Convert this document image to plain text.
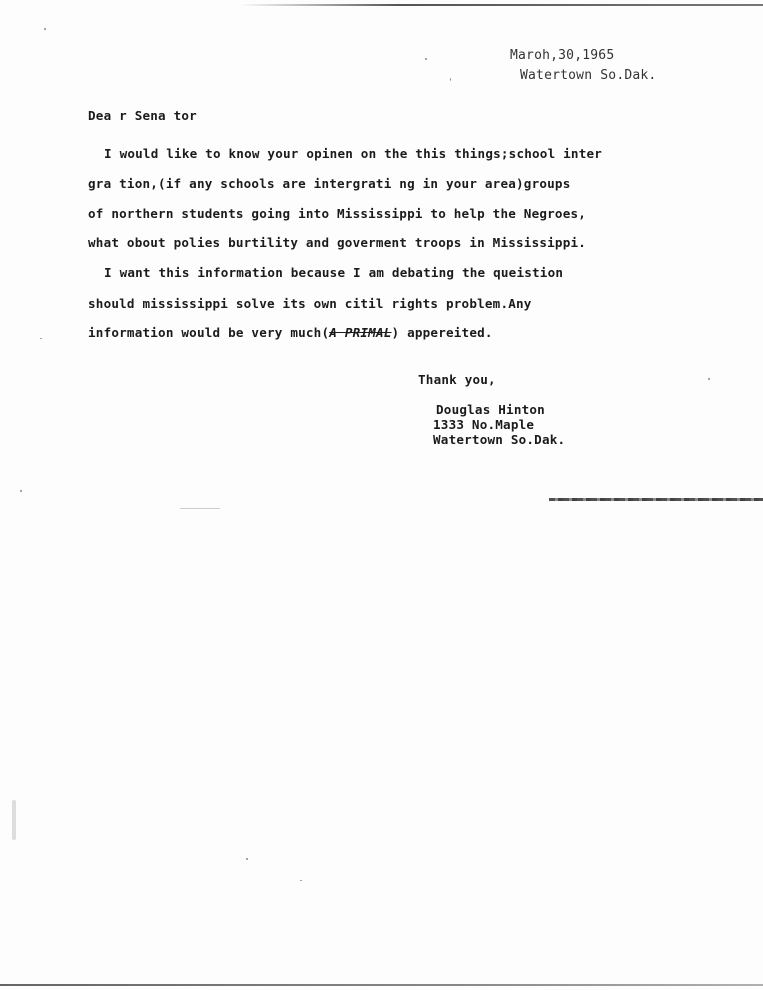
Maroh,30,1965
Watertown So.Dak.
Dea r Sena tor
I would like to know your opinen on the this things;school inter
gra tion,(if any schools are intergrati ng in your area)groups
of northern students going into Mississippi to help the Negroes,
what obout polies burtility and goverment troops in Mississippi.
I want this information because I am debating the queistion
should mississippi solve its own citil rights problem.Any
information would be very much(A PRIMAL) appereited.
Thank you,
Douglas Hinton
1333 No.Maple
Watertown So.Dak.
